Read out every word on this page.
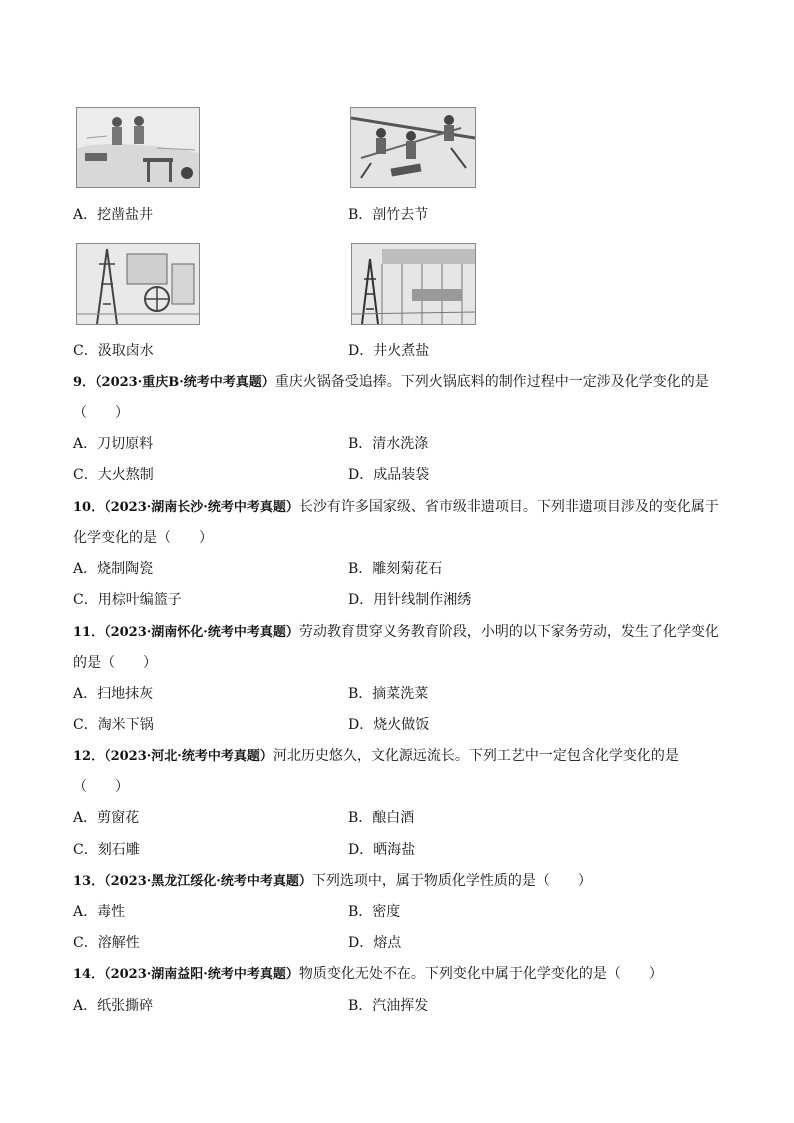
A．挖凿盐井	B．剖竹去节
C．汲取卤水	D．井火煮盐
9．（2023·重庆B·统考中考真题）重庆火锅备受追捧。下列火锅底料的制作过程中一定涉及化学变化的是
（　　）
A．刀切原料	B．清水洗涤
C．大火熬制	D．成品装袋
10．（2023·湖南长沙·统考中考真题）长沙有许多国家级、省市级非遗项目。下列非遗项目涉及的变化属于
化学变化的是（　　）
A．烧制陶瓷	B．雕刻菊花石
C．用棕叶编篮子	D．用针线制作湘绣
11．（2023·湖南怀化·统考中考真题）劳动教育贯穿义务教育阶段，小明的以下家务劳动，发生了化学变化
的是（　　）
A．扫地抹灰	B．摘菜洗菜
C．淘米下锅	D．烧火做饭
12．（2023·河北·统考中考真题）河北历史悠久，文化源远流长。下列工艺中一定包含化学变化的是
（　　）
A．剪窗花	B．酿白酒
C．刻石雕	D．晒海盐
13．（2023·黑龙江绥化·统考中考真题）下列选项中，属于物质化学性质的是（　　）
A．毒性	B．密度
C．溶解性	D．熔点
14．（2023·湖南益阳·统考中考真题）物质变化无处不在。下列变化中属于化学变化的是（　　）
A．纸张撕碎	B．汽油挥发
